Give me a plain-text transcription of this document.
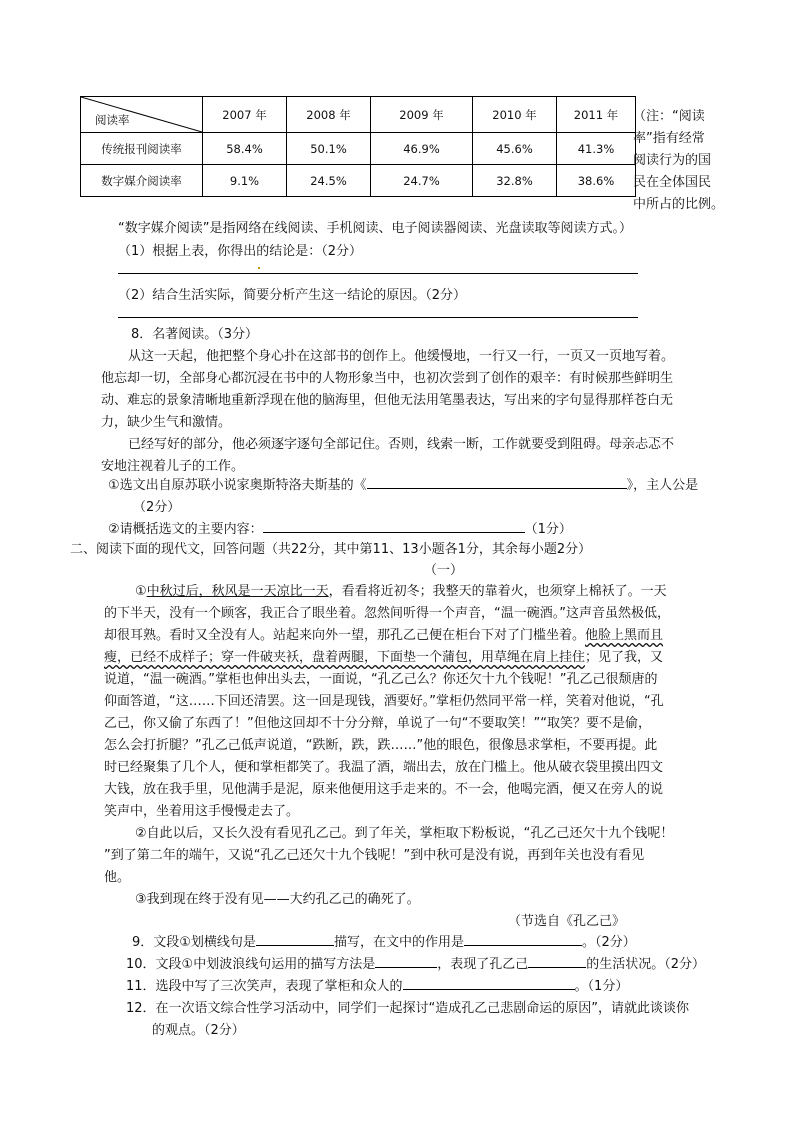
阅读率	2007 年	2008 年	2009 年	2010 年	2011 年
传统报刊阅读率	58.4%	50.1%	46.9%	45.6%	41.3%
数字媒介阅读率	9.1%	24.5%	24.7%	32.8%	38.6%
（注：“阅读
率”指有经常
阅读行为的国
民在全体国民
中所占的比例。
“数字媒介阅读”是指网络在线阅读、手机阅读、电子阅读器阅读、光盘读取等阅读方式。）
（1）根据上表，你得出的结论是：（2分）
（2）结合生活实际，简要分析产生这一结论的原因。（2分）
8．名著阅读。（3分）
从这一天起，他把整个身心扑在这部书的创作上。他缓慢地，一行又一行，一页又一页地写着。
他忘却一切，全部身心都沉浸在书中的人物形象当中，也初次尝到了创作的艰辛：有时候那些鲜明生
动、难忘的景象清晰地重新浮现在他的脑海里，但他无法用笔墨表达，写出来的字句显得那样苍白无
力，缺少生气和激情。
已经写好的部分，他必须逐字逐句全部记住。否则，线索一断，工作就要受到阻碍。母亲忐忑不
安地注视着儿子的工作。
①选文出自原苏联小说家奥斯特洛夫斯基的《	》，主人公是
（2分）
②请概括选文的主要内容：	（1分）
二、阅读下面的现代文，回答问题（共22分，其中第11、13小题各1分，其余每小题2分）
（一）
①中秋过后，秋风是一天凉比一天，看看将近初冬；我整天的靠着火，也须穿上棉袄了。一天
的下半天，没有一个顾客，我正合了眼坐着。忽然间听得一个声音，“温一碗酒。”这声音虽然极低，
却很耳熟。看时又全没有人。站起来向外一望，那孔乙己便在柜台下对了门槛坐着。他脸上黑而且
瘦，已经不成样子；穿一件破夹袄，盘着两腿，下面垫一个蒲包，用草绳在肩上挂住；见了我，又
说道，“温一碗酒。”掌柜也伸出头去，一面说，“孔乙己么？你还欠十九个钱呢！”孔乙己很颓唐的
仰面答道，“这……下回还清罢。这一回是现钱，酒要好。”掌柜仍然同平常一样，笑着对他说，“孔
乙己，你又偷了东西了！”但他这回却不十分分辩，单说了一句“不要取笑！”“取笑？要不是偷，
怎么会打折腿？”孔乙己低声说道，“跌断，跌，跌……”他的眼色，很像恳求掌柜，不要再提。此
时已经聚集了几个人，便和掌柜都笑了。我温了酒，端出去，放在门槛上。他从破衣袋里摸出四文
大钱，放在我手里，见他满手是泥，原来他便用这手走来的。不一会，他喝完酒，便又在旁人的说
笑声中，坐着用这手慢慢走去了。
②自此以后，又长久没有看见孔乙己。到了年关，掌柜取下粉板说，“孔乙己还欠十九个钱呢！
”到了第二年的端午，又说“孔乙己还欠十九个钱呢！”到中秋可是没有说，再到年关也没有看见
他。
③我到现在终于没有见——大约孔乙己的确死了。
（节选自《孔乙己》
9．文段①划横线句是	描写，在文中的作用是	。（2分）
10．文段①中划波浪线句运用的描写方法是	，表现了孔乙己	的生活状况。（2分）
11．选段中写了三次笑声，表现了掌柜和众人的	。（1分）
12．在一次语文综合性学习活动中，同学们一起探讨“造成孔乙己悲剧命运的原因”，请就此谈谈你
的观点。（2分）
